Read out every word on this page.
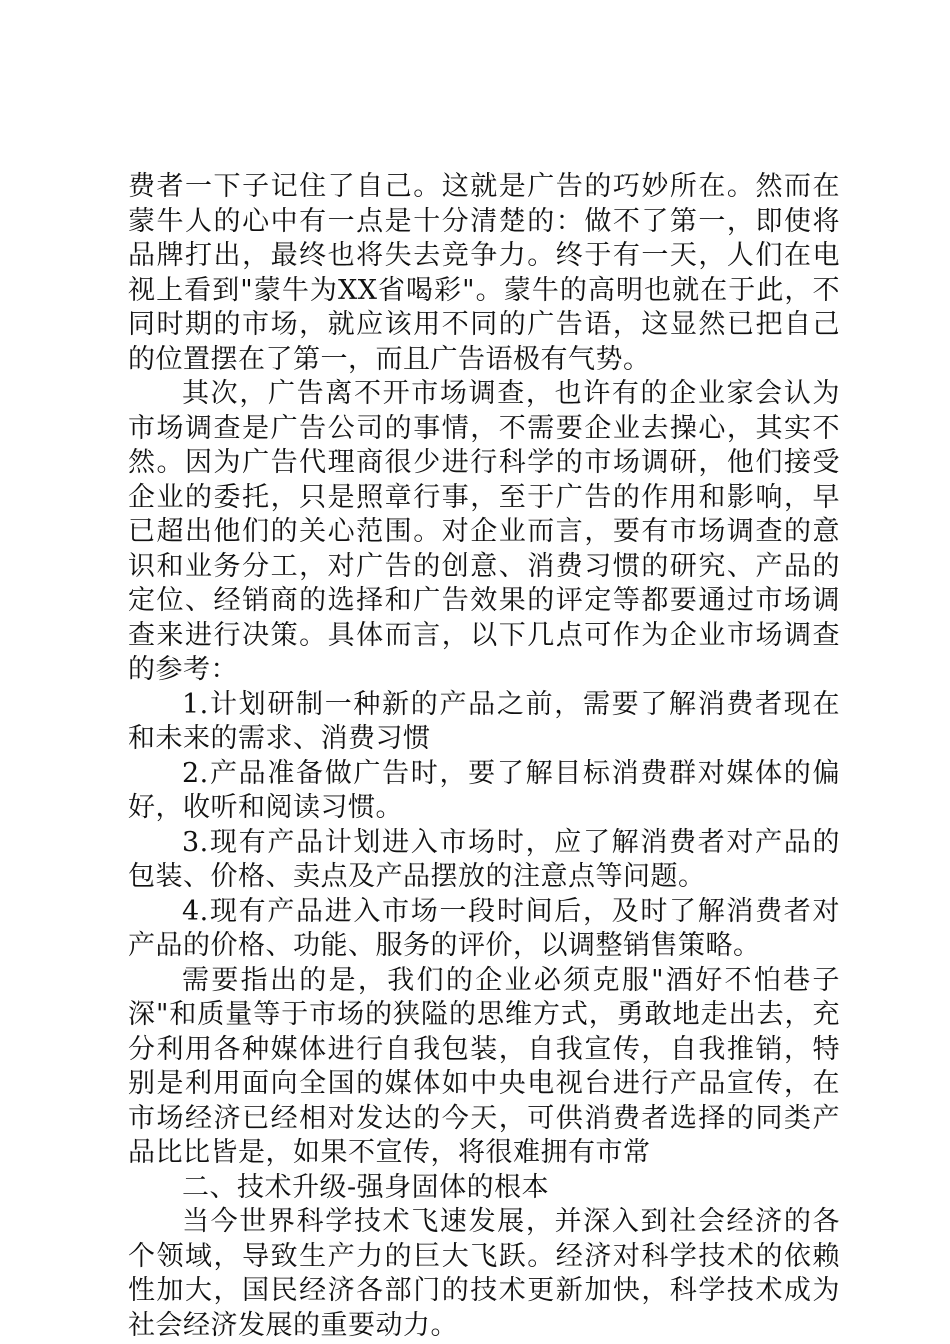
费者一下子记住了自己。这就是广告的巧妙所在。然而在蒙牛人的心中有一点是十分清楚的：做不了第一，即使将品牌打出，最终也将失去竞争力。终于有一天，人们在电视上看到"蒙牛为XX省喝彩"。蒙牛的高明也就在于此，不同时期的市场，就应该用不同的广告语，这显然已把自己的位置摆在了第一，而且广告语极有气势。

其次，广告离不开市场调查，也许有的企业家会认为市场调查是广告公司的事情，不需要企业去操心，其实不然。因为广告代理商很少进行科学的市场调研，他们接受企业的委托，只是照章行事，至于广告的作用和影响，早已超出他们的关心范围。对企业而言，要有市场调查的意识和业务分工，对广告的创意、消费习惯的研究、产品的定位、经销商的选择和广告效果的评定等都要通过市场调查来进行决策。具体而言，以下几点可作为企业市场调查的参考：

1.计划研制一种新的产品之前，需要了解消费者现在和未来的需求、消费习惯

2.产品准备做广告时，要了解目标消费群对媒体的偏好，收听和阅读习惯。

3.现有产品计划进入市场时，应了解消费者对产品的包装、价格、卖点及产品摆放的注意点等问题。

4.现有产品进入市场一段时间后，及时了解消费者对产品的价格、功能、服务的评价，以调整销售策略。

需要指出的是，我们的企业必须克服"酒好不怕巷子深"和质量等于市场的狭隘的思维方式，勇敢地走出去，充分利用各种媒体进行自我包装，自我宣传，自我推销，特别是利用面向全国的媒体如中央电视台进行产品宣传，在市场经济已经相对发达的今天，可供消费者选择的同类产品比比皆是，如果不宣传，将很难拥有市常

二、技术升级-强身固体的根本

当今世界科学技术飞速发展，并深入到社会经济的各个领域，导致生产力的巨大飞跃。经济对科学技术的依赖性加大，国民经济各部门的技术更新加快，科学技术成为社会经济发展的重要动力。
